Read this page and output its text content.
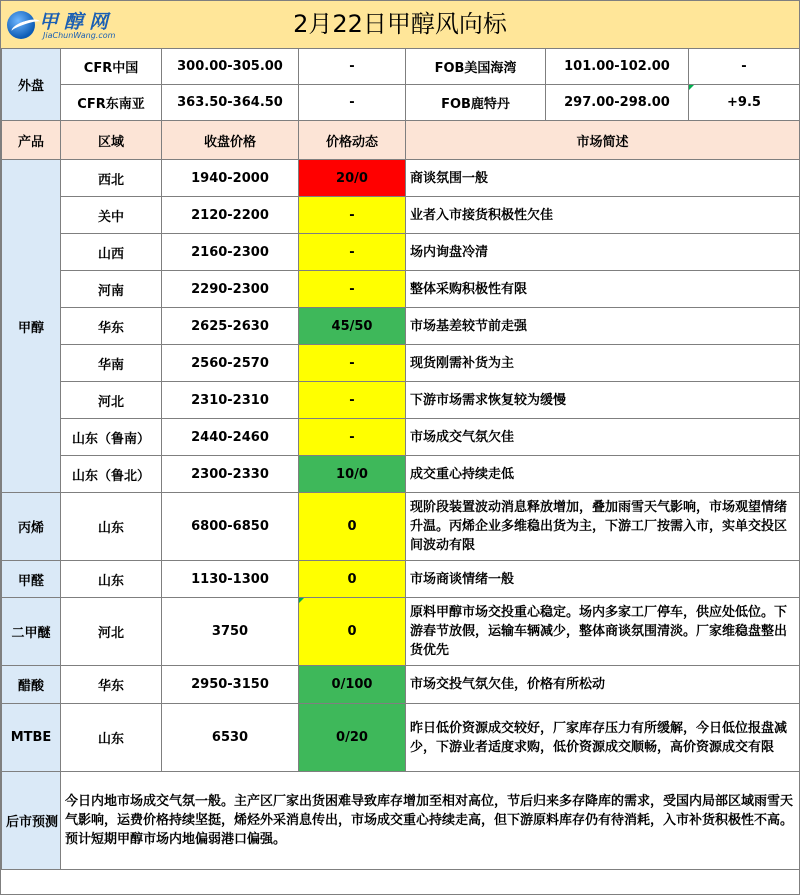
2月22日甲醇风向标
甲醇网
JiaChunWang.com
外盘	CFR中国	300.00-305.00	-	FOB美国海湾	101.00-102.00	-
	CFR东南亚	363.50-364.50	-	FOB鹿特丹	297.00-298.00	+9.5
产品	区域	收盘价格	价格动态	市场简述		
甲醇	西北	1940-2000	20/0	商谈氛围一般		
	关中	2120-2200	-	业者入市接货积极性欠佳		
	山西	2160-2300	-	场内询盘冷清		
	河南	2290-2300	-	整体采购积极性有限		
	华东	2625-2630	45/50	市场基差较节前走强		
	华南	2560-2570	-	现货刚需补货为主		
	河北	2310-2310	-	下游市场需求恢复较为缓慢		
	山东（鲁南）	2440-2460	-	市场成交气氛欠佳		
	山东（鲁北）	2300-2330	10/0	成交重心持续走低		
丙烯	山东	6800-6850	0	现阶段装置波动消息释放增加，叠加雨雪天气影响，市场观望情绪升温。丙烯企业多维稳出货为主，下游工厂按需入市，实单交投区间波动有限		
甲醛	山东	1130-1300	0	市场商谈情绪一般		
二甲醚	河北	3750	0	原料甲醇市场交投重心稳定。场内多家工厂停车，供应处低位。下游春节放假，运输车辆减少，整体商谈氛围清淡。厂家维稳盘整出货优先		
醋酸	华东	2950-3150	0/100	市场交投气氛欠佳，价格有所松动		
MTBE	山东	6530	0/20	昨日低价资源成交较好，厂家库存压力有所缓解，今日低位报盘减少，下游业者适度求购，低价资源成交顺畅，高价资源成交有限		
后市预测	今日内地市场成交气氛一般。主产区厂家出货困难导致库存增加至相对高位，节后归来多存降库的需求，受国内局部区域雨雪天气影响，运费价格持续坚挺，烯烃外采消息传出，市场成交重心持续走高，但下游原料库存仍有待消耗，入市补货积极性不高。预计短期甲醇市场内地偏弱港口偏强。					
